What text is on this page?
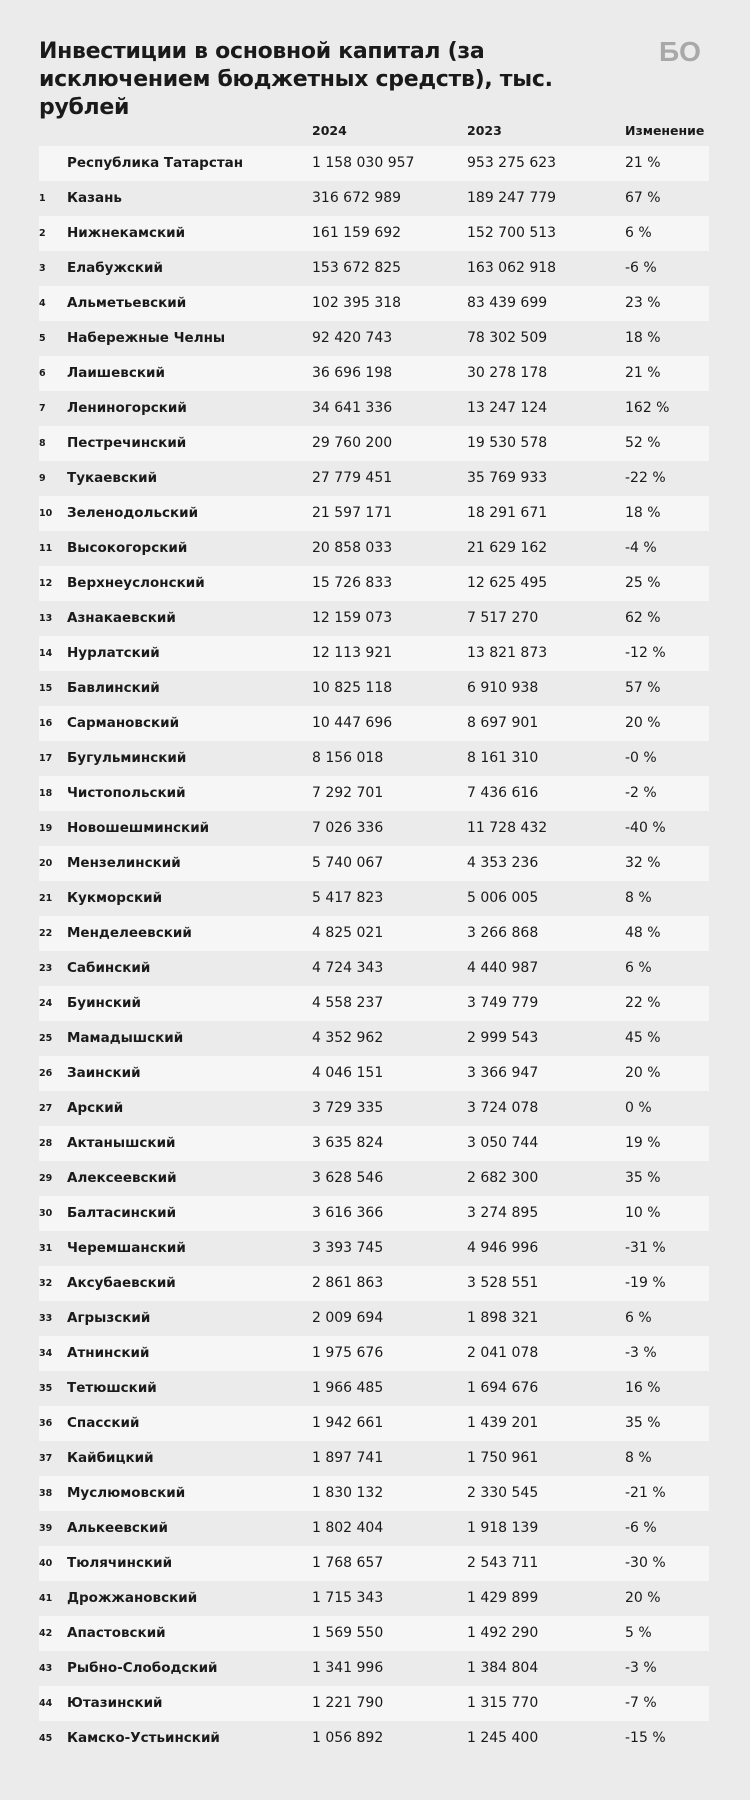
Инвестиции в основной капитал (за исключением бюджетных средств), тыс. рублей
БО
2024	2023	Изменение
Республика Татарстан	1 158 030 957	953 275 623	21 %
1 Казань	316 672 989	189 247 779	67 %
2 Нижнекамский	161 159 692	152 700 513	6 %
3 Елабужский	153 672 825	163 062 918	-6 %
4 Альметьевский	102 395 318	83 439 699	23 %
5 Набережные Челны	92 420 743	78 302 509	18 %
6 Лаишевский	36 696 198	30 278 178	21 %
7 Лениногорский	34 641 336	13 247 124	162 %
8 Пестречинский	29 760 200	19 530 578	52 %
9 Тукаевский	27 779 451	35 769 933	-22 %
10 Зеленодольский	21 597 171	18 291 671	18 %
11 Высокогорский	20 858 033	21 629 162	-4 %
12 Верхнеуслонский	15 726 833	12 625 495	25 %
13 Азнакаевский	12 159 073	7 517 270	62 %
14 Нурлатский	12 113 921	13 821 873	-12 %
15 Бавлинский	10 825 118	6 910 938	57 %
16 Сармановский	10 447 696	8 697 901	20 %
17 Бугульминский	8 156 018	8 161 310	-0 %
18 Чистопольский	7 292 701	7 436 616	-2 %
19 Новошешминский	7 026 336	11 728 432	-40 %
20 Мензелинский	5 740 067	4 353 236	32 %
21 Кукморский	5 417 823	5 006 005	8 %
22 Менделеевский	4 825 021	3 266 868	48 %
23 Сабинский	4 724 343	4 440 987	6 %
24 Буинский	4 558 237	3 749 779	22 %
25 Мамадышский	4 352 962	2 999 543	45 %
26 Заинский	4 046 151	3 366 947	20 %
27 Арский	3 729 335	3 724 078	0 %
28 Актанышский	3 635 824	3 050 744	19 %
29 Алексеевский	3 628 546	2 682 300	35 %
30 Балтасинский	3 616 366	3 274 895	10 %
31 Черемшанский	3 393 745	4 946 996	-31 %
32 Аксубаевский	2 861 863	3 528 551	-19 %
33 Агрызский	2 009 694	1 898 321	6 %
34 Атнинский	1 975 676	2 041 078	-3 %
35 Тетюшский	1 966 485	1 694 676	16 %
36 Спасский	1 942 661	1 439 201	35 %
37 Кайбицкий	1 897 741	1 750 961	8 %
38 Муслюмовский	1 830 132	2 330 545	-21 %
39 Алькеевский	1 802 404	1 918 139	-6 %
40 Тюлячинский	1 768 657	2 543 711	-30 %
41 Дрожжановский	1 715 343	1 429 899	20 %
42 Апастовский	1 569 550	1 492 290	5 %
43 Рыбно-Слободский	1 341 996	1 384 804	-3 %
44 Ютазинский	1 221 790	1 315 770	-7 %
45 Камско-Устьинский	1 056 892	1 245 400	-15 %
